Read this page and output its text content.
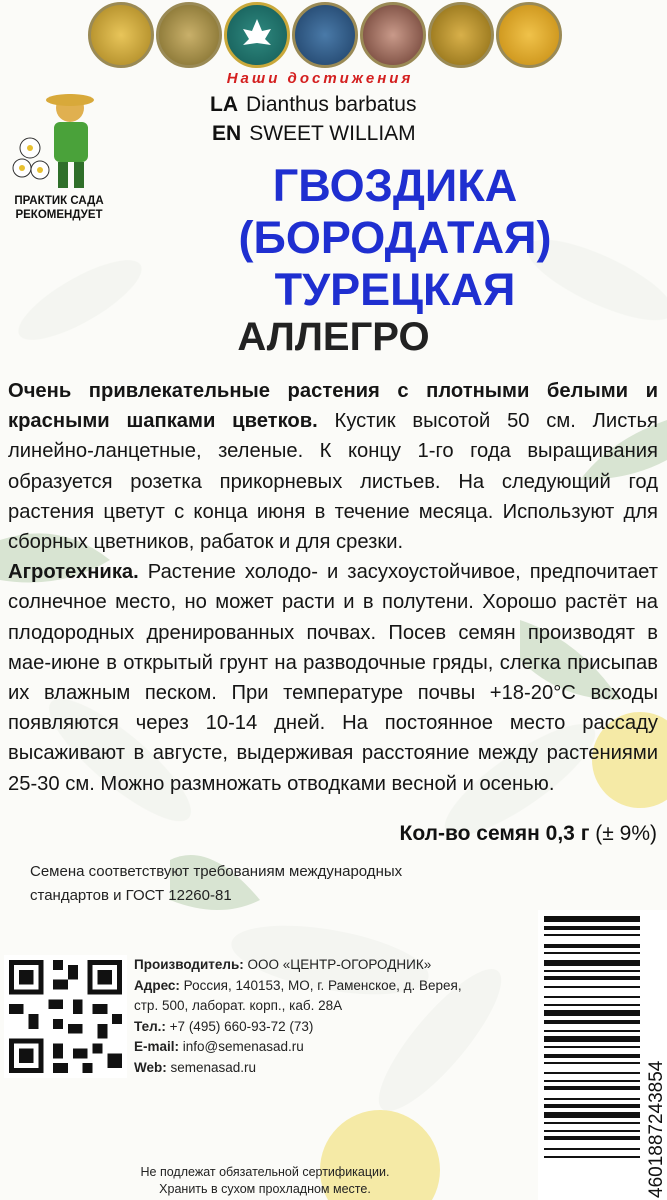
Наши достижения
ПРАКТИК САДА
РЕКОМЕНДУЕТ
LA Dianthus barbatus
EN SWEET WILLIAM
ГВОЗДИКА
(БОРОДАТАЯ)
ТУРЕЦКАЯ
АЛЛЕГРО

Очень привлекательные растения с плотными белыми и красными шапками цветков. Кустик высотой 50 см. Листья линейно-ланцетные, зеленые. К концу 1-го года выращивания образуется розетка прикорневых листьев. На следующий год растения цветут с конца июня в течение месяца. Используют для сборных цветников, рабаток и для срезки.

Агротехника. Растение холодо- и засухоустойчивое, предпочитает солнечное место, но может расти и в полутени. Хорошо растёт на плодородных дренированных почвах. Посев семян производят в мае-июне в открытый грунт на разводочные гряды, слегка присыпав их влажным песком. При температуре почвы +18-20°С всходы появляются через 10-14 дней. На постоянное место рассаду высаживают в августе, выдерживая расстояние между растениями 25-30 см. Можно размножать отводками весной и осенью.

Кол-во семян 0,3 г (± 9%)
Семена соответствуют требованиям международных
стандартов и ГОСТ 12260-81
Производитель: ООО «ЦЕНТР-ОГОРОДНИК»
Адрес: Россия, 140153, МО, г. Раменское, д. Верея,
стр. 500, лаборат. корп., каб. 28А
Тел.: +7 (495) 660-93-72 (73)
E-mail: info@semenasad.ru
Web: semenasad.ru	4601887243854
Не подлежат обязательной сертификации.
Хранить в сухом прохладном месте.
